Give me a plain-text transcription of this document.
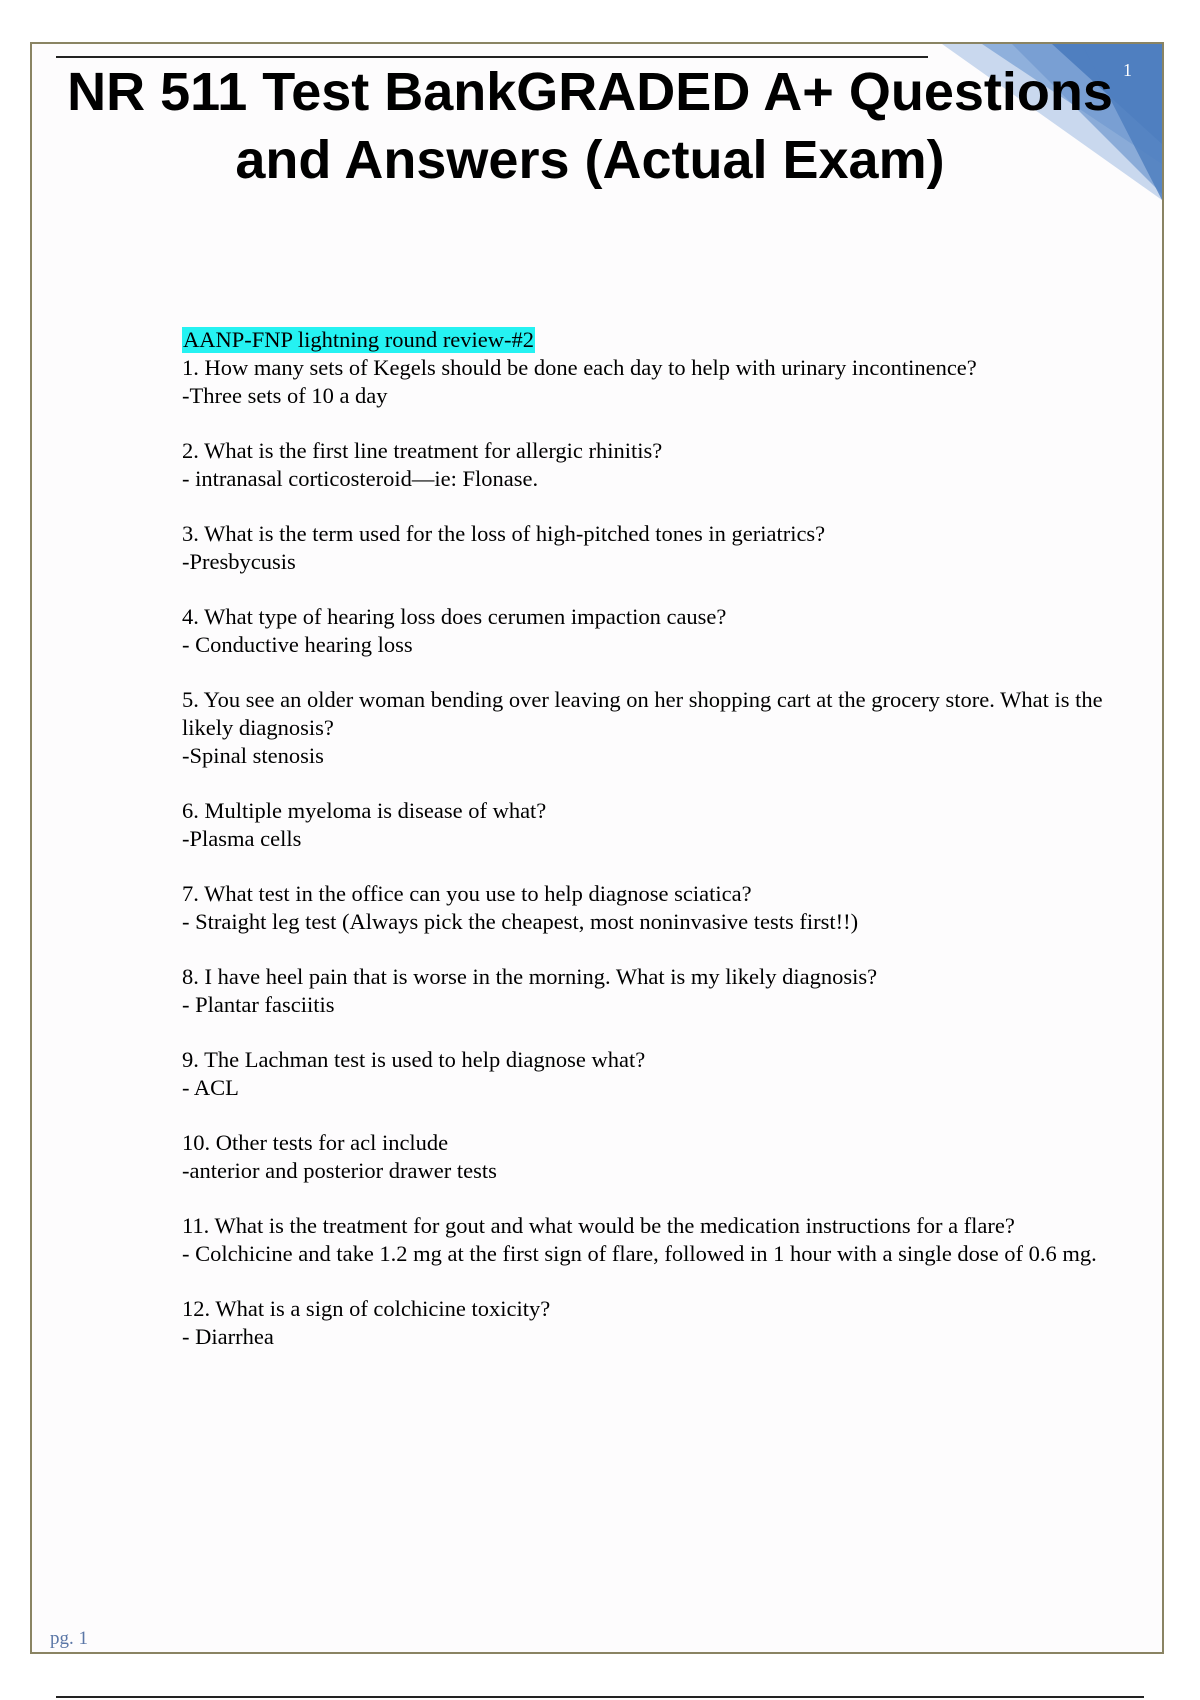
1
NR 511 Test BankGRADED A+ Questions and Answers (Actual Exam)
AANP-FNP lightning round review-#2
1. How many sets of Kegels should be done each day to help with urinary incontinence?
-Three sets of 10 a day
2. What is the first line treatment for allergic rhinitis?
- intranasal corticosteroid—ie: Flonase.
3. What is the term used for the loss of high-pitched tones in geriatrics?
-Presbycusis
4. What type of hearing loss does cerumen impaction cause?
- Conductive hearing loss
5. You see an older woman bending over leaving on her shopping cart at the grocery store. What is the likely diagnosis?
-Spinal stenosis
6. Multiple myeloma is disease of what?
-Plasma cells
7. What test in the office can you use to help diagnose sciatica?
- Straight leg test (Always pick the cheapest, most noninvasive tests first!!)
8. I have heel pain that is worse in the morning. What is my likely diagnosis?
- Plantar fasciitis
9. The Lachman test is used to help diagnose what?
- ACL
10. Other tests for acl include
-anterior and posterior drawer tests
11. What is the treatment for gout and what would be the medication instructions for a flare?
- Colchicine and take 1.2 mg at the first sign of flare, followed in 1 hour with a single dose of 0.6 mg.
12. What is a sign of colchicine toxicity?
- Diarrhea
pg. 1
